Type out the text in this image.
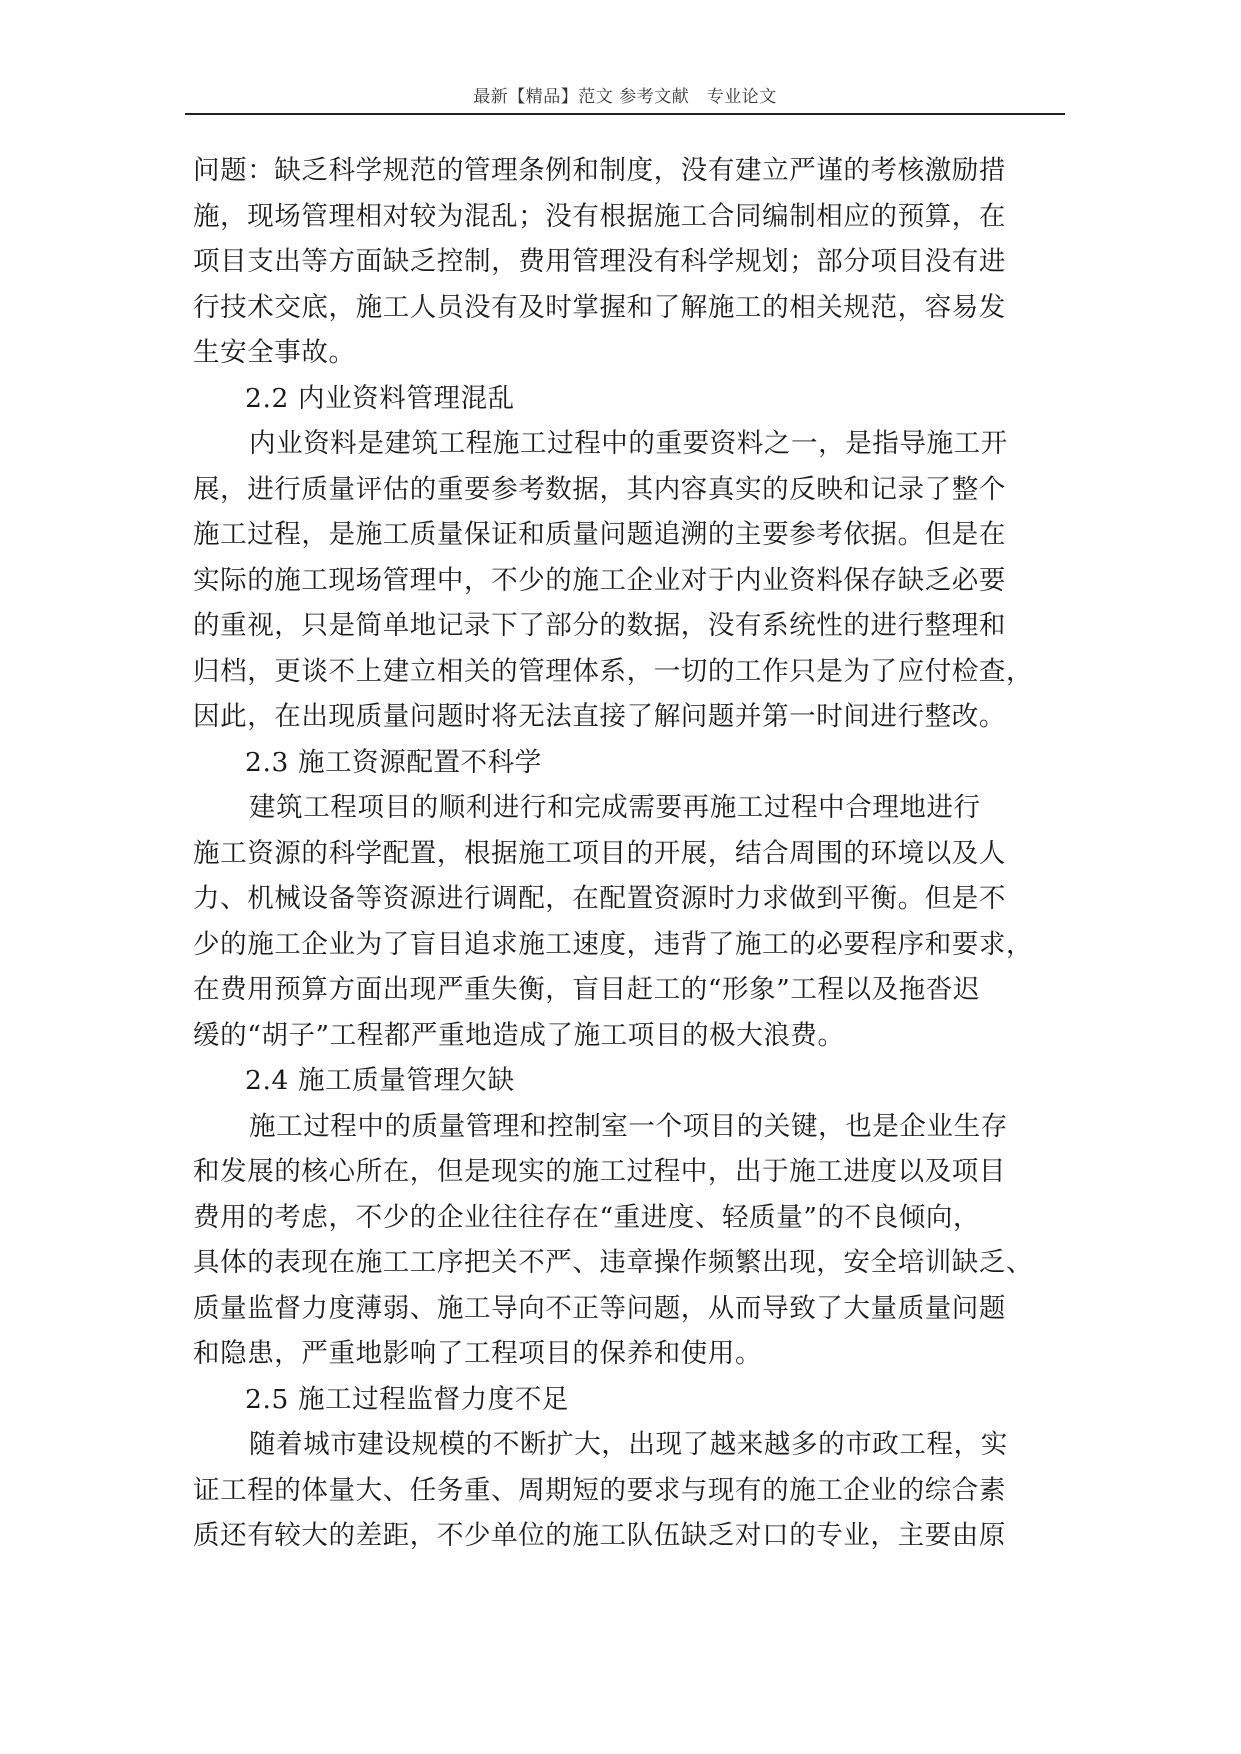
最新【精品】范文 参考文献　专业论文
问题：缺乏科学规范的管理条例和制度，没有建立严谨的考核激励措
施，现场管理相对较为混乱；没有根据施工合同编制相应的预算，在
项目支出等方面缺乏控制，费用管理没有科学规划；部分项目没有进
行技术交底，施工人员没有及时掌握和了解施工的相关规范，容易发
生安全事故。
2.2 内业资料管理混乱
内业资料是建筑工程施工过程中的重要资料之一，是指导施工开
展，进行质量评估的重要参考数据，其内容真实的反映和记录了整个
施工过程，是施工质量保证和质量问题追溯的主要参考依据。但是在
实际的施工现场管理中，不少的施工企业对于内业资料保存缺乏必要
的重视，只是简单地记录下了部分的数据，没有系统性的进行整理和
归档，更谈不上建立相关的管理体系，一切的工作只是为了应付检查，
因此，在出现质量问题时将无法直接了解问题并第一时间进行整改。
2.3 施工资源配置不科学
建筑工程项目的顺利进行和完成需要再施工过程中合理地进行
施工资源的科学配置，根据施工项目的开展，结合周围的环境以及人
力、机械设备等资源进行调配，在配置资源时力求做到平衡。但是不
少的施工企业为了盲目追求施工速度，违背了施工的必要程序和要求，
在费用预算方面出现严重失衡，盲目赶工的“形象”工程以及拖沓迟
缓的“胡子”工程都严重地造成了施工项目的极大浪费。
2.4 施工质量管理欠缺
施工过程中的质量管理和控制室一个项目的关键，也是企业生存
和发展的核心所在，但是现实的施工过程中，出于施工进度以及项目
费用的考虑，不少的企业往往存在“重进度、轻质量”的不良倾向，
具体的表现在施工工序把关不严、违章操作频繁出现，安全培训缺乏、
质量监督力度薄弱、施工导向不正等问题，从而导致了大量质量问题
和隐患，严重地影响了工程项目的保养和使用。
2.5 施工过程监督力度不足
随着城市建设规模的不断扩大，出现了越来越多的市政工程，实
证工程的体量大、任务重、周期短的要求与现有的施工企业的综合素
质还有较大的差距，不少单位的施工队伍缺乏对口的专业，主要由原
